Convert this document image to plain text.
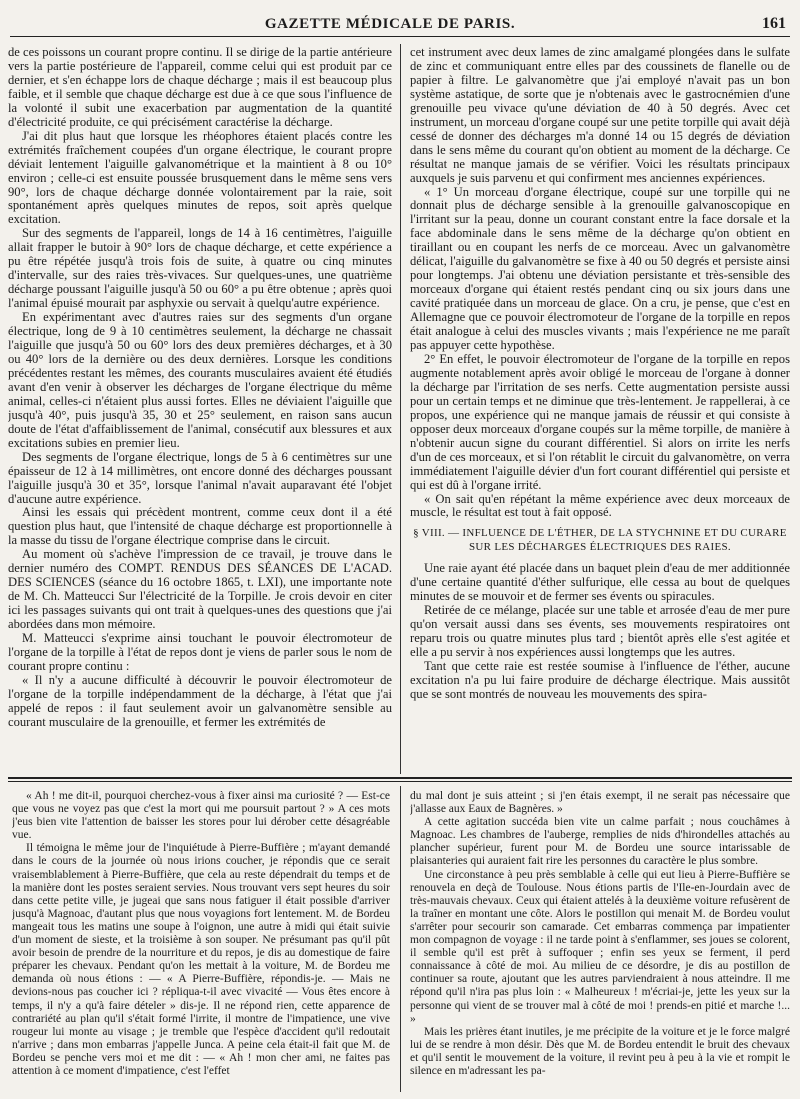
GAZETTE MÉDICALE DE PARIS.	161

de ces poissons un courant propre continu. Il se dirige de la partie antérieure vers la partie postérieure de l'appareil, comme celui qui est produit par ce dernier, et s'en échappe lors de chaque décharge ; mais il est beaucoup plus faible, et il semble que chaque décharge est due à ce que sous l'influence de la volonté il subit une exacerbation par augmentation de la quantité d'électricité produite, ce qui précisément caractérise la décharge.

J'ai dit plus haut que lorsque les rhéophores étaient placés contre les extrémités fraîchement coupées d'un organe électrique, le courant propre déviait lentement l'aiguille galvanométrique et la maintient à 8 ou 10° environ ; celle-ci est ensuite poussée brusquement dans le même sens vers 90°, lors de chaque décharge donnée volontairement par la raie, soit spontanément après quelques minutes de repos, soit après quelque excitation.

Sur des segments de l'appareil, longs de 14 à 16 centimètres, l'aiguille allait frapper le butoir à 90° lors de chaque décharge, et cette expérience a pu être répétée jusqu'à trois fois de suite, à quatre ou cinq minutes d'intervalle, sur des raies très-vivaces. Sur quelques-unes, une quatrième décharge poussant l'aiguille jusqu'à 50 ou 60° a pu être obtenue ; après quoi l'animal épuisé mourait par asphyxie ou servait à quelqu'autre expérience.

En expérimentant avec d'autres raies sur des segments d'un organe électrique, long de 9 à 10 centimètres seulement, la décharge ne chassait l'aiguille que jusqu'à 50 ou 60° lors des deux premières décharges, et à 30 ou 40° lors de la dernière ou des deux dernières. Lorsque les conditions précédentes restant les mêmes, des courants musculaires avaient été étudiés avant d'en venir à observer les décharges de l'organe électrique du même animal, celles-ci n'étaient plus aussi fortes. Elles ne déviaient l'aiguille que jusqu'à 40°, puis jusqu'à 35, 30 et 25° seulement, en raison sans aucun doute de l'état d'affaiblissement de l'animal, consécutif aux blessures et aux excitations subies en premier lieu.

Des segments de l'organe électrique, longs de 5 à 6 centimètres sur une épaisseur de 12 à 14 millimètres, ont encore donné des décharges poussant l'aiguille jusqu'à 30 et 35°, lorsque l'animal n'avait auparavant été l'objet d'aucune autre expérience.

Ainsi les essais qui précèdent montrent, comme ceux dont il a été question plus haut, que l'intensité de chaque décharge est proportionnelle à la masse du tissu de l'organe électrique comprise dans le circuit.

Au moment où s'achève l'impression de ce travail, je trouve dans le dernier numéro des COMPT. RENDUS DES SÉANCES DE L'ACAD. DES SCIENCES (séance du 16 octobre 1865, t. LXI), une importante note de M. Ch. Matteucci Sur l'électricité de la Torpille. Je crois devoir en citer ici les passages suivants qui ont trait à quelques-unes des questions que j'ai abordées dans mon mémoire.

M. Matteucci s'exprime ainsi touchant le pouvoir électromoteur de l'organe de la torpille à l'état de repos dont je viens de parler sous le nom de courant propre continu :

« Il n'y a aucune difficulté à découvrir le pouvoir électromoteur de l'organe de la torpille indépendamment de la décharge, à l'état que j'ai appelé de repos : il faut seulement avoir un galvanomètre sensible au courant musculaire de la grenouille, et fermer les extrémités de

cet instrument avec deux lames de zinc amalgamé plongées dans le sulfate de zinc et communiquant entre elles par des coussinets de flanelle ou de papier à filtre. Le galvanomètre que j'ai employé n'avait pas un bon système astatique, de sorte que je n'obtenais avec le gastrocnémien d'une grenouille peu vivace qu'une déviation de 40 à 50 degrés. Avec cet instrument, un morceau d'organe coupé sur une petite torpille qui avait déjà cessé de donner des décharges m'a donné 14 ou 15 degrés de déviation dans le sens même du courant qu'on obtient au moment de la décharge. Ce résultat ne manque jamais de se vérifier. Voici les résultats principaux auxquels je suis parvenu et qui confirment mes anciennes expériences.

« 1° Un morceau d'organe électrique, coupé sur une torpille qui ne donnait plus de décharge sensible à la grenouille galvanoscopique en l'irritant sur la peau, donne un courant constant entre la face dorsale et la face abdominale dans le sens même de la décharge qu'on obtient en tiraillant ou en coupant les nerfs de ce morceau. Avec un galvanomètre délicat, l'aiguille du galvanomètre se fixe à 40 ou 50 degrés et persiste ainsi pour longtemps. J'ai obtenu une déviation persistante et très-sensible des morceaux d'organe qui étaient restés pendant cinq ou six jours dans une cavité pratiquée dans un morceau de glace. On a cru, je pense, que c'est en Allemagne que ce pouvoir électromoteur de l'organe de la torpille en repos était analogue à celui des muscles vivants ; mais l'expérience ne me paraît pas appuyer cette hypothèse.

2° En effet, le pouvoir électromoteur de l'organe de la torpille en repos augmente notablement après avoir obligé le morceau de l'organe à donner la décharge par l'irritation de ses nerfs. Cette augmentation persiste aussi pour un certain temps et ne diminue que très-lentement. Je rappellerai, à ce propos, une expérience qui ne manque jamais de réussir et qui consiste à opposer deux morceaux d'organe coupés sur la même torpille, de manière à n'obtenir aucun signe du courant différentiel. Si alors on irrite les nerfs d'un de ces morceaux, et si l'on rétablit le circuit du galvanomètre, on verra immédiatement l'aiguille dévier d'un fort courant différentiel qui persiste et qui est dû à l'organe irrité.

« On sait qu'en répétant la même expérience avec deux morceaux de muscle, le résultat est tout à fait opposé.

§ VIII. — INFLUENCE DE L'ÉTHER, DE LA STYCHNINE ET DU CURARE
SUR LES DÉCHARGES ÉLECTRIQUES DES RAIES.

Une raie ayant été placée dans un baquet plein d'eau de mer additionnée d'une certaine quantité d'éther sulfurique, elle cessa au bout de quelques minutes de se mouvoir et de fermer ses évents ou spiracules.

Retirée de ce mélange, placée sur une table et arrosée d'eau de mer pure qu'on versait aussi dans ses évents, ses mouvements respiratoires ont reparu trois ou quatre minutes plus tard ; bientôt après elle s'est agitée et elle a pu servir à nos expériences aussi longtemps que les autres.

Tant que cette raie est restée soumise à l'influence de l'éther, aucune excitation n'a pu lui faire produire de décharge électrique. Mais aussitôt que se sont montrés de nouveau les mouvements des spira-

« Ah ! me dit-il, pourquoi cherchez-vous à fixer ainsi ma curiosité ? — Est-ce que vous ne voyez pas que c'est la mort qui me poursuit partout ? » A ces mots j'eus bien vite l'attention de baisser les stores pour lui dérober cette désagréable vue.

Il témoigna le même jour de l'inquiétude à Pierre-Buffière ; m'ayant demandé dans le cours de la journée où nous irions coucher, je répondis que ce serait vraisemblablement à Pierre-Buffière, que cela au reste dépendrait du temps et de la manière dont les postes seraient servies. Nous trouvant vers sept heures du soir dans cette petite ville, je jugeai que sans nous fatiguer il était possible d'arriver jusqu'à Magnoac, d'autant plus que nous voyagions fort lentement. M. de Bordeu mangeait tous les matins une soupe à l'oignon, une autre à midi qui était suivie d'un moment de sieste, et la troisième à son souper. Ne présumant pas qu'il pût avoir besoin de prendre de la nourriture et du repos, je dis au domestique de faire préparer les chevaux. Pendant qu'on les mettait à la voiture, M. de Bordeu me demanda où nous étions : — « A Pierre-Buffière, répondis-je. — Mais ne devions-nous pas coucher ici ? répliqua-t-il avec vivacité — Vous êtes encore à temps, il n'y a qu'à faire dételer » dis-je. Il ne répond rien, cette apparence de contrariété au plan qu'il s'était formé l'irrite, il montre de l'impatience, une vive rougeur lui monte au visage ; je tremble que l'espèce d'accident qu'il redoutait n'arrive ; dans mon embarras j'appelle Junca. A peine cela était-il fait que M. de Bordeu se penche vers moi et me dit : — « Ah ! mon cher ami, ne faites pas attention à ce moment d'impatience, c'est l'effet

du mal dont je suis atteint ; si j'en étais exempt, il ne serait pas nécessaire que j'allasse aux Eaux de Bagnères. »

A cette agitation succéda bien vite un calme parfait ; nous couchâmes à Magnoac. Les chambres de l'auberge, remplies de nids d'hirondelles attachés au plancher supérieur, furent pour M. de Bordeu une source intarissable de plaisanteries qui auraient fait rire les personnes du caractère le plus sombre.

Une circonstance à peu près semblable à celle qui eut lieu à Pierre-Buffière se renouvela en deçà de Toulouse. Nous étions partis de l'Ile-en-Jourdain avec de très-mauvais chevaux. Ceux qui étaient attelés à la deuxième voiture refusèrent de la traîner en montant une côte. Alors le postillon qui menait M. de Bordeu voulut s'arrêter pour secourir son camarade. Cet embarras commença par impatienter mon compagnon de voyage : il ne tarde point à s'enflammer, ses joues se colorent, il semble qu'il est prêt à suffoquer ; enfin ses yeux se ferment, il perd connaissance à côté de moi. Au milieu de ce désordre, je dis au postillon de continuer sa route, ajoutant que les autres parviendraient à nous atteindre. Il me répond qu'il n'ira pas plus loin : « Malheureux ! m'écriai-je, jette les yeux sur la personne qui vient de se trouver mal à côté de moi ! prends-en pitié et marche !... »

Mais les prières étant inutiles, je me précipite de la voiture et je le force malgré lui de se rendre à mon désir. Dès que M. de Bordeu entendit le bruit des chevaux et qu'il sentit le mouvement de la voiture, il revint peu à peu à la vie et rompit le silence en m'adressant les pa-
